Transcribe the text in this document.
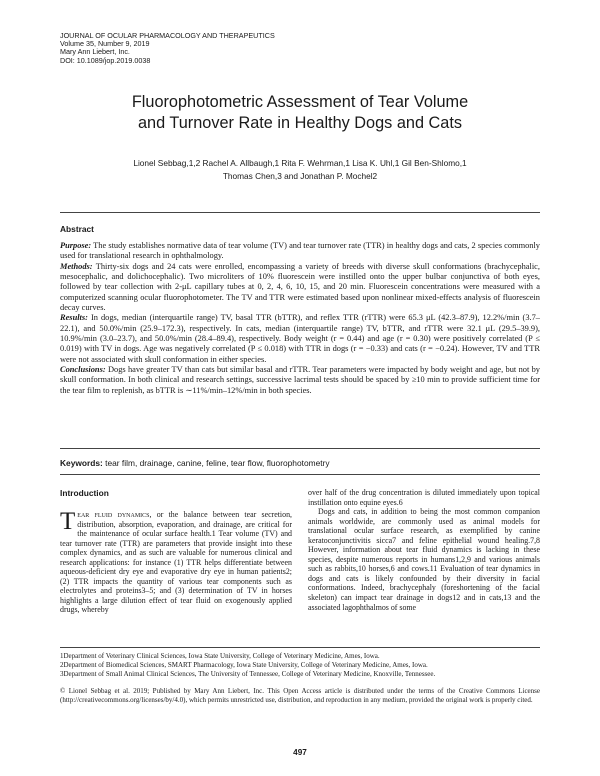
JOURNAL OF OCULAR PHARMACOLOGY AND THERAPEUTICS
Volume 35, Number 9, 2019
Mary Ann Liebert, Inc.
DOI: 10.1089/jop.2019.0038
Fluorophotometric Assessment of Tear Volume
and Turnover Rate in Healthy Dogs and Cats
Lionel Sebbag,1,2 Rachel A. Allbaugh,1 Rita F. Wehrman,1 Lisa K. Uhl,1 Gil Ben-Shlomo,1
Thomas Chen,3 and Jonathan P. Mochel2
Abstract

Purpose: The study establishes normative data of tear volume (TV) and tear turnover rate (TTR) in healthy dogs and cats, 2 species commonly used for translational research in ophthalmology.

Methods: Thirty-six dogs and 24 cats were enrolled, encompassing a variety of breeds with diverse skull conformations (brachycephalic, mesocephalic, and dolichocephalic). Two microliters of 10% fluorescein were instilled onto the upper bulbar conjunctiva of both eyes, followed by tear collection with 2-μL capillary tubes at 0, 2, 4, 6, 10, 15, and 20 min. Fluorescein concentrations were measured with a computerized scanning ocular fluorophotometer. The TV and TTR were estimated based upon nonlinear mixed-effects analysis of fluorescein decay curves.

Results: In dogs, median (interquartile range) TV, basal TTR (bTTR), and reflex TTR (rTTR) were 65.3 μL (42.3–87.9), 12.2%/min (3.7–22.1), and 50.0%/min (25.9–172.3), respectively. In cats, median (interquartile range) TV, bTTR, and rTTR were 32.1 μL (29.5–39.9), 10.9%/min (3.0–23.7), and 50.0%/min (28.4–89.4), respectively. Body weight (r = 0.44) and age (r = 0.30) were positively correlated (P ≤ 0.019) with TV in dogs. Age was negatively correlated (P ≤ 0.018) with TTR in dogs (r = −0.33) and cats (r = −0.24). However, TV and TTR were not associated with skull conformation in either species.

Conclusions: Dogs have greater TV than cats but similar basal and rTTR. Tear parameters were impacted by body weight and age, but not by skull conformation. In both clinical and research settings, successive lacrimal tests should be spaced by ≥10 min to provide sufficient time for the tear film to replenish, as bTTR is ∼11%/min–12%/min in both species.

Keywords: tear film, drainage, canine, feline, tear flow, fluorophotometry
Introduction

Tear fluid dynamics, or the balance between tear secretion, distribution, absorption, evaporation, and drainage, are critical for the maintenance of ocular surface health.1 Tear volume (TV) and tear turnover rate (TTR) are parameters that provide insight into these complex dynamics, and as such are valuable for numerous clinical and research applications: for instance (1) TTR helps differentiate between aqueous-deficient dry eye and evaporative dry eye in human patients2; (2) TTR impacts the quantity of various tear components such as electrolytes and proteins3–5; and (3) determination of TV in horses highlights a large dilution effect of tear fluid on exogenously applied drugs, whereby

over half of the drug concentration is diluted immediately upon topical instillation onto equine eyes.6

Dogs and cats, in addition to being the most common companion animals worldwide, are commonly used as animal models for translational ocular surface research, as exemplified by canine keratoconjunctivitis sicca7 and feline epithelial wound healing.7,8 However, information about tear fluid dynamics is lacking in these species, despite numerous reports in humans1,2,9 and various animals such as rabbits,10 horses,6 and cows.11 Evaluation of tear dynamics in dogs and cats is likely confounded by their diversity in facial conformations. Indeed, brachycephaly (foreshortening of the facial skeleton) can impact tear drainage in dogs12 and in cats,13 and the associated lagophthalmos of some

1Department of Veterinary Clinical Sciences, Iowa State University, College of Veterinary Medicine, Ames, Iowa.
2Department of Biomedical Sciences, SMART Pharmacology, Iowa State University, College of Veterinary Medicine, Ames, Iowa.
3Department of Small Animal Clinical Sciences, The University of Tennessee, College of Veterinary Medicine, Knoxville, Tennessee.
© Lionel Sebbag et al. 2019; Published by Mary Ann Liebert, Inc. This Open Access article is distributed under the terms of the Creative Commons License (http://creativecommons.org/licenses/by/4.0), which permits unrestricted use, distribution, and reproduction in any medium, provided the original work is properly cited.
497
